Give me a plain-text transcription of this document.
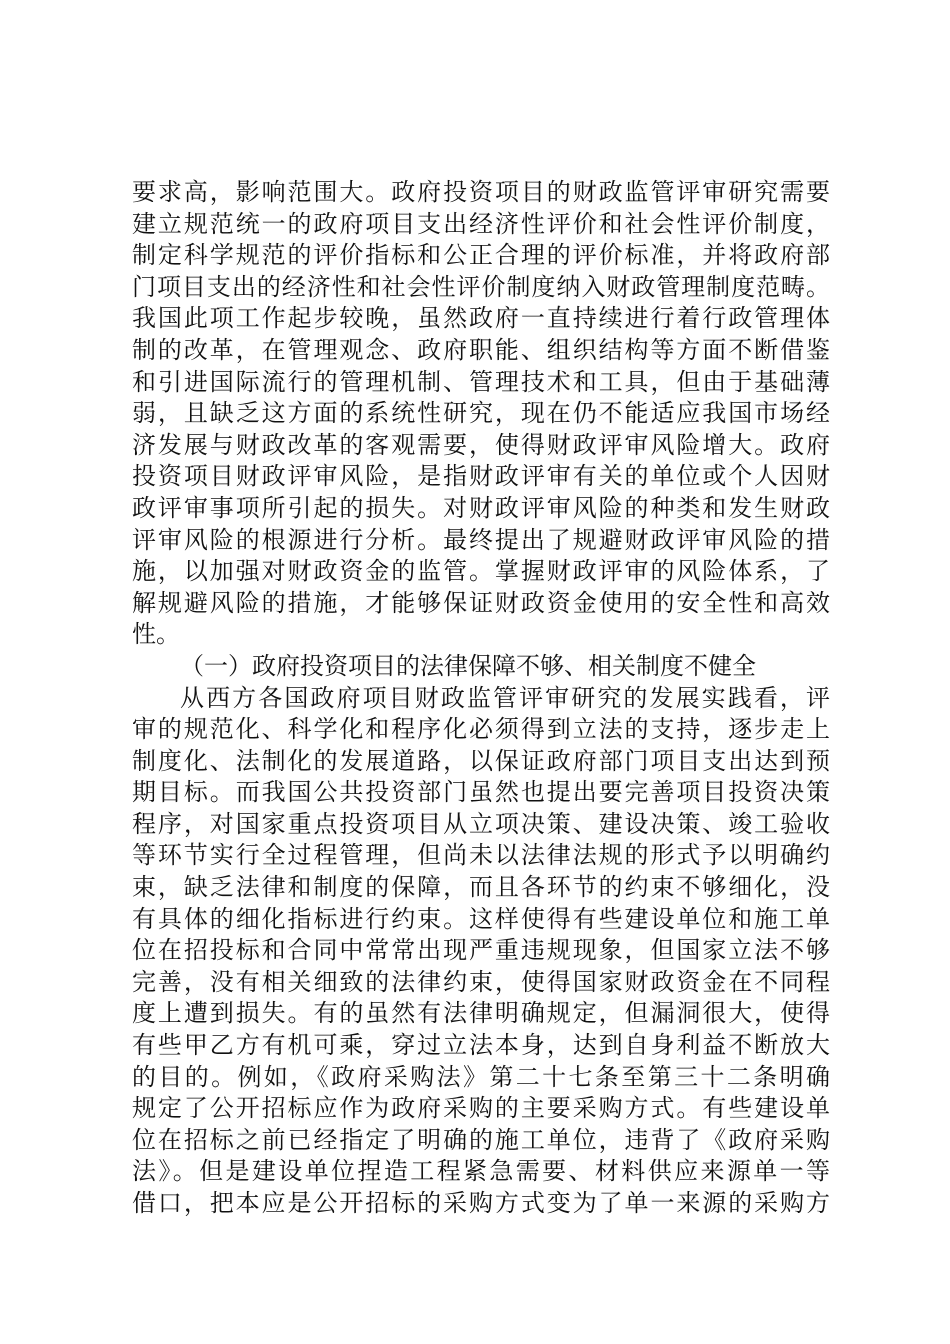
要求高，影响范围大。政府投资项目的财政监管评审研究需要
建立规范统一的政府项目支出经济性评价和社会性评价制度，
制定科学规范的评价指标和公正合理的评价标准，并将政府部
门项目支出的经济性和社会性评价制度纳入财政管理制度范畴。
我国此项工作起步较晚，虽然政府一直持续进行着行政管理体
制的改革，在管理观念、政府职能、组织结构等方面不断借鉴
和引进国际流行的管理机制、管理技术和工具，但由于基础薄
弱，且缺乏这方面的系统性研究，现在仍不能适应我国市场经
济发展与财政改革的客观需要，使得财政评审风险增大。政府
投资项目财政评审风险，是指财政评审有关的单位或个人因财
政评审事项所引起的损失。对财政评审风险的种类和发生财政
评审风险的根源进行分析。最终提出了规避财政评审风险的措
施，以加强对财政资金的监管。掌握财政评审的风险体系，了
解规避风险的措施，才能够保证财政资金使用的安全性和高效
性。
（一）政府投资项目的法律保障不够、相关制度不健全
从西方各国政府项目财政监管评审研究的发展实践看，评
审的规范化、科学化和程序化必须得到立法的支持，逐步走上
制度化、法制化的发展道路，以保证政府部门项目支出达到预
期目标。而我国公共投资部门虽然也提出要完善项目投资决策
程序，对国家重点投资项目从立项决策、建设决策、竣工验收
等环节实行全过程管理，但尚未以法律法规的形式予以明确约
束，缺乏法律和制度的保障，而且各环节的约束不够细化，没
有具体的细化指标进行约束。这样使得有些建设单位和施工单
位在招投标和合同中常常出现严重违规现象，但国家立法不够
完善，没有相关细致的法律约束，使得国家财政资金在不同程
度上遭到损失。有的虽然有法律明确规定，但漏洞很大，使得
有些甲乙方有机可乘，穿过立法本身，达到自身利益不断放大
的目的。例如，《政府采购法》第二十七条至第三十二条明确
规定了公开招标应作为政府采购的主要采购方式。有些建设单
位在招标之前已经指定了明确的施工单位，违背了《政府采购
法》。但是建设单位捏造工程紧急需要、材料供应来源单一等
借口，把本应是公开招标的采购方式变为了单一来源的采购方
